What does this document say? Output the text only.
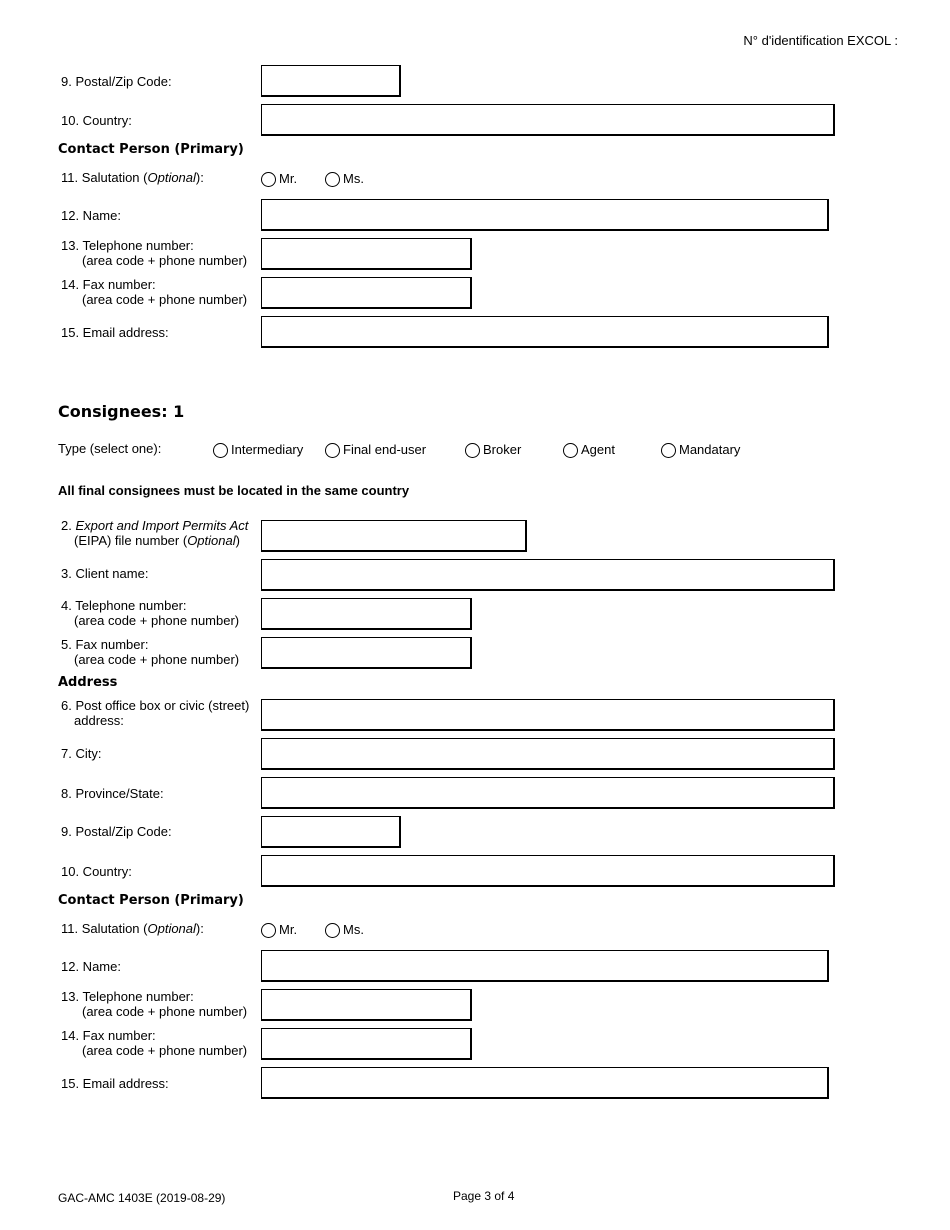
N° d'identification EXCOL :
9. Postal/Zip Code:
10. Country:
Contact Person (Primary)
11. Salutation (Optional):	Mr.	Ms.
12. Name:
13. Telephone number:
(area code + phone number)
14. Fax number:
(area code + phone number)
15. Email address:
Consignees: 1
Type (select one):	Intermediary	Final end-user	Broker	Agent	Mandatary
All final consignees must be located in the same country
2. Export and Import Permits Act
(EIPA) file number (Optional)
3. Client name:
4. Telephone number:
(area code + phone number)
5. Fax number:
(area code + phone number)
Address
6. Post office box or civic (street)
address:
7. City:
8. Province/State:
9. Postal/Zip Code:
10. Country:
Contact Person (Primary)
11. Salutation (Optional):	Mr.	Ms.
12. Name:
13. Telephone number:
(area code + phone number)
14. Fax number:
(area code + phone number)
15. Email address:
GAC-AMC 1403E (2019-08-29)	Page 3 of 4
